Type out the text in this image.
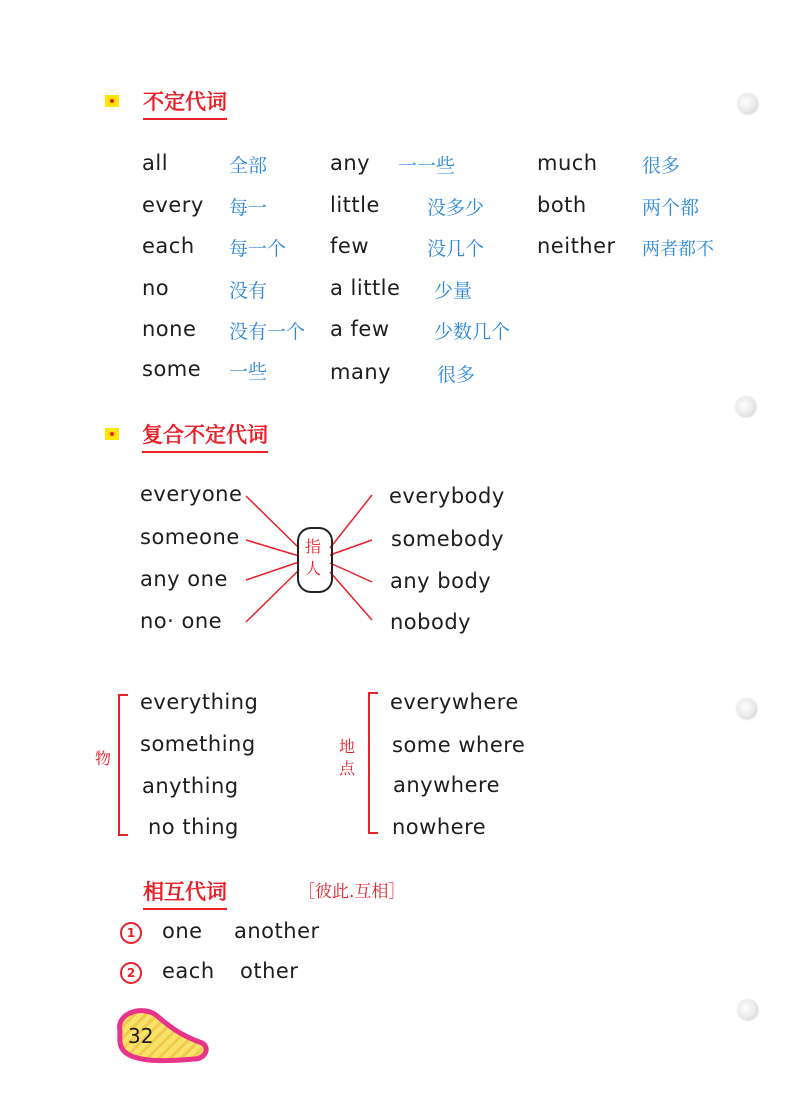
不定代词
all	全部	any 一一些	much 很多
every 每一	little 没多少	both	两个都
each 每一个 few	没几个	neither 两者都不
no	没有	a little 少量
none 没有一个 a few 少数几个
some 一些	many 很多
复合不定代词
指人
everyone
someone
any one
no· one
everybody
somebody
any body
nobody
物
everything
something
anything
no thing
地点
everywhere
some where
anywhere
nowhere
相互代词	［彼此.互相］
1	one another
2	each other
32
